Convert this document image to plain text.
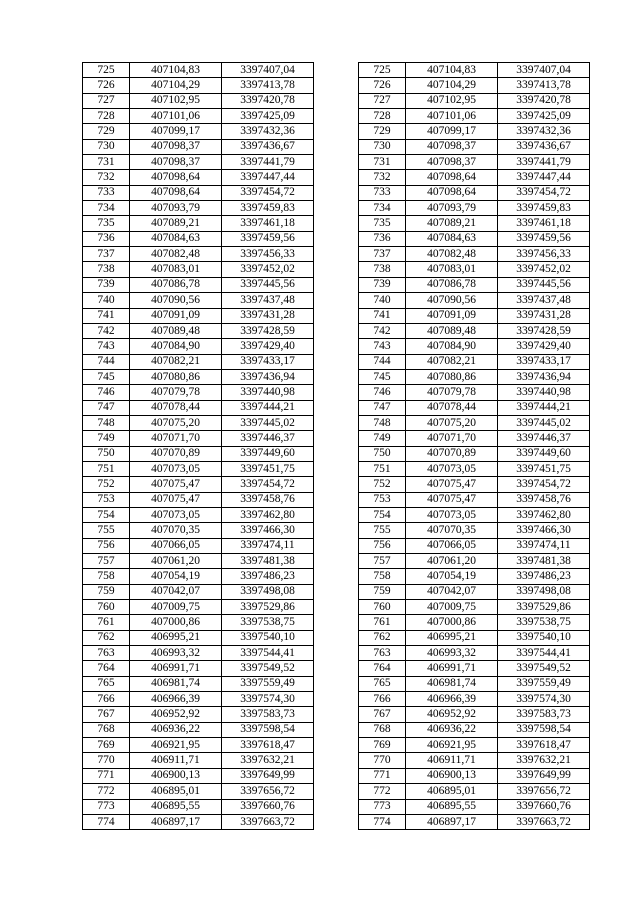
725	407104,83	3397407,04		725	407104,83	3397407,04
726	407104,29	3397413,78		726	407104,29	3397413,78
727	407102,95	3397420,78		727	407102,95	3397420,78
728	407101,06	3397425,09		728	407101,06	3397425,09
729	407099,17	3397432,36		729	407099,17	3397432,36
730	407098,37	3397436,67		730	407098,37	3397436,67
731	407098,37	3397441,79		731	407098,37	3397441,79
732	407098,64	3397447,44		732	407098,64	3397447,44
733	407098,64	3397454,72		733	407098,64	3397454,72
734	407093,79	3397459,83		734	407093,79	3397459,83
735	407089,21	3397461,18		735	407089,21	3397461,18
736	407084,63	3397459,56		736	407084,63	3397459,56
737	407082,48	3397456,33		737	407082,48	3397456,33
738	407083,01	3397452,02		738	407083,01	3397452,02
739	407086,78	3397445,56		739	407086,78	3397445,56
740	407090,56	3397437,48		740	407090,56	3397437,48
741	407091,09	3397431,28		741	407091,09	3397431,28
742	407089,48	3397428,59		742	407089,48	3397428,59
743	407084,90	3397429,40		743	407084,90	3397429,40
744	407082,21	3397433,17		744	407082,21	3397433,17
745	407080,86	3397436,94		745	407080,86	3397436,94
746	407079,78	3397440,98		746	407079,78	3397440,98
747	407078,44	3397444,21		747	407078,44	3397444,21
748	407075,20	3397445,02		748	407075,20	3397445,02
749	407071,70	3397446,37		749	407071,70	3397446,37
750	407070,89	3397449,60		750	407070,89	3397449,60
751	407073,05	3397451,75		751	407073,05	3397451,75
752	407075,47	3397454,72		752	407075,47	3397454,72
753	407075,47	3397458,76		753	407075,47	3397458,76
754	407073,05	3397462,80		754	407073,05	3397462,80
755	407070,35	3397466,30		755	407070,35	3397466,30
756	407066,05	3397474,11		756	407066,05	3397474,11
757	407061,20	3397481,38		757	407061,20	3397481,38
758	407054,19	3397486,23		758	407054,19	3397486,23
759	407042,07	3397498,08		759	407042,07	3397498,08
760	407009,75	3397529,86		760	407009,75	3397529,86
761	407000,86	3397538,75		761	407000,86	3397538,75
762	406995,21	3397540,10		762	406995,21	3397540,10
763	406993,32	3397544,41		763	406993,32	3397544,41
764	406991,71	3397549,52		764	406991,71	3397549,52
765	406981,74	3397559,49		765	406981,74	3397559,49
766	406966,39	3397574,30		766	406966,39	3397574,30
767	406952,92	3397583,73		767	406952,92	3397583,73
768	406936,22	3397598,54		768	406936,22	3397598,54
769	406921,95	3397618,47		769	406921,95	3397618,47
770	406911,71	3397632,21		770	406911,71	3397632,21
771	406900,13	3397649,99		771	406900,13	3397649,99
772	406895,01	3397656,72		772	406895,01	3397656,72
773	406895,55	3397660,76		773	406895,55	3397660,76
774	406897,17	3397663,72		774	406897,17	3397663,72
